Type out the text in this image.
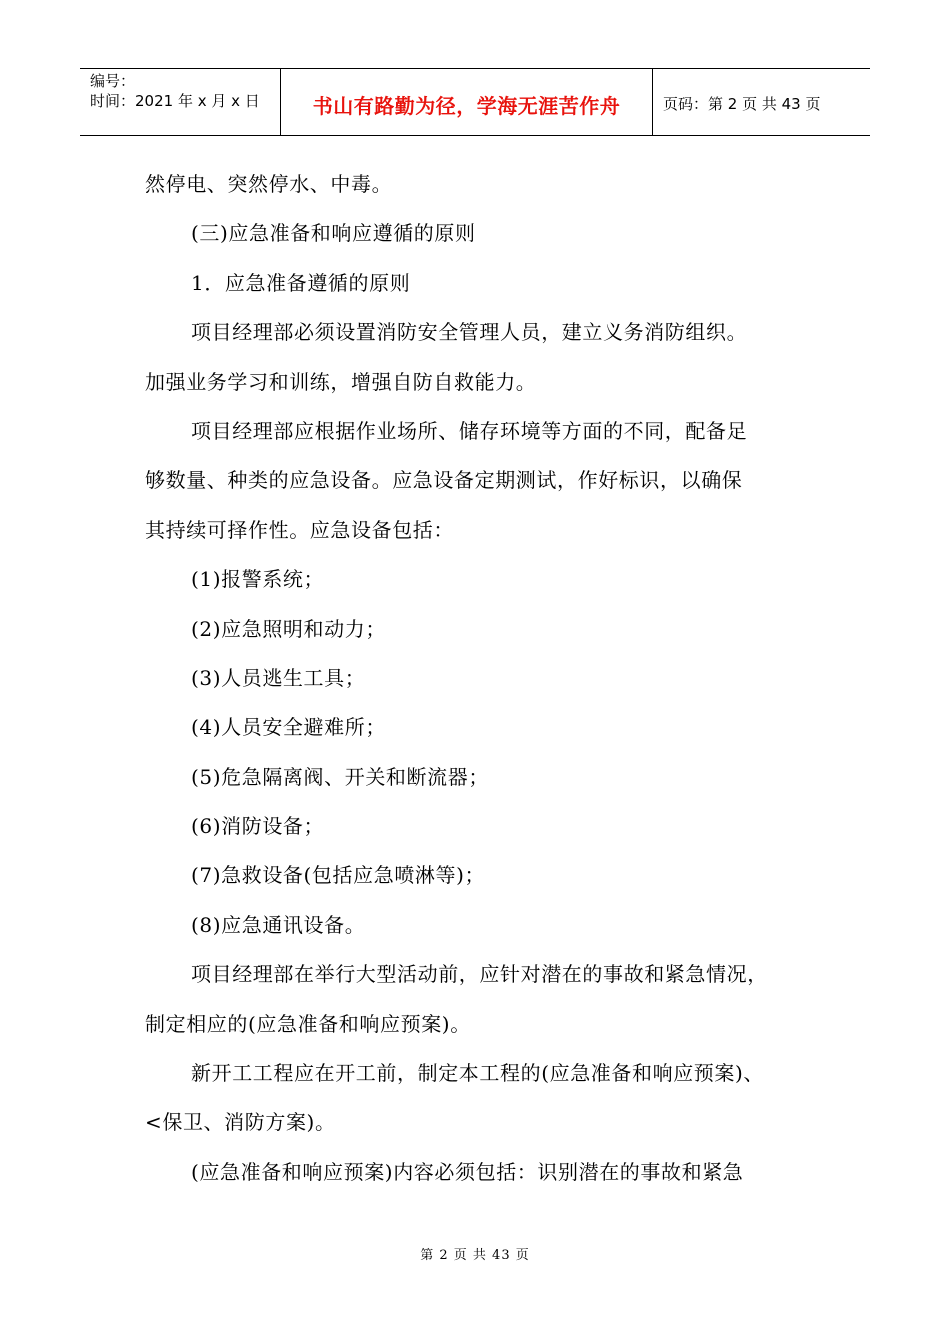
编号：
时间：2021 年 x 月 x 日	书山有路勤为径，学海无涯苦作舟	页码：第 2 页 共 43 页
然停电、突然停水、中毒。
(三)应急准备和响应遵循的原则
1．应急准备遵循的原则
项目经理部必须设置消防安全管理人员，建立义务消防组织。
加强业务学习和训练，增强自防自救能力。
项目经理部应根据作业场所、储存环境等方面的不同，配备足
够数量、种类的应急设备。应急设备定期测试，作好标识，以确保
其持续可择作性。应急设备包括：
(1)报警系统；
(2)应急照明和动力；
(3)人员逃生工具；
(4)人员安全避难所；
(5)危急隔离阀、开关和断流器；
(6)消防设备；
(7)急救设备(包括应急喷淋等)；
(8)应急通讯设备。
项目经理部在举行大型活动前，应针对潜在的事故和紧急情况，
制定相应的(应急准备和响应预案)。
新开工工程应在开工前，制定本工程的(应急准备和响应预案)、
<保卫、消防方案)。
(应急准备和响应预案)内容必须包括：识别潜在的事故和紧急
第 2 页 共 43 页
